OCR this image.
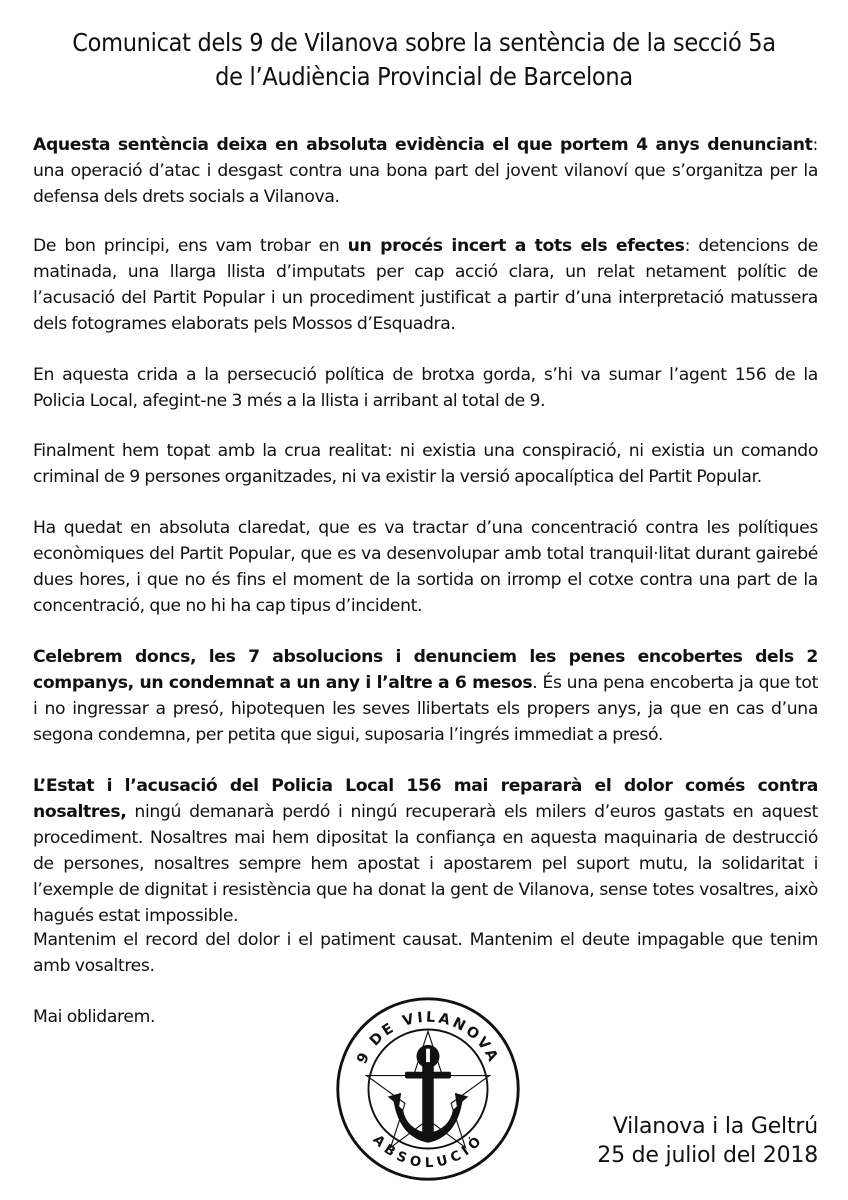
Comunicat dels 9 de Vilanova sobre la sentència de la secció 5a
de l’Audiència Provincial de Barcelona

Aquesta sentència deixa en absoluta evidència el que portem 4 anys denunciant: una operació d’atac i desgast contra una bona part del jovent vilanoví que s’organitza per la defensa dels drets socials a Vilanova.

De bon principi, ens vam trobar en un procés incert a tots els efectes: detencions de matinada, una llarga llista d’imputats per cap acció clara, un relat netament polític de l’acusació del Partit Popular i un procediment justificat a partir d’una interpretació matussera dels fotogrames elaborats pels Mossos d’Esquadra.

En aquesta crida a la persecució política de brotxa gorda, s’hi va sumar l’agent 156 de la Policia Local, afegint-ne 3 més a la llista i arribant al total de 9.

Finalment hem topat amb la crua realitat: ni existia una conspiració, ni existia un comando criminal de 9 persones organitzades, ni va existir la versió apocalíptica del Partit Popular.

Ha quedat en absoluta claredat, que es va tractar d’una concentració contra les polítiques econòmiques del Partit Popular, que es va desenvolupar amb total tranquil·litat durant gairebé dues hores, i que no és fins el moment de la sortida on irromp el cotxe contra una part de la concentració, que no hi ha cap tipus d’incident.

Celebrem doncs, les 7 absolucions i denunciem les penes encobertes dels 2 companys, un condemnat a un any i l’altre a 6 mesos. És una pena encoberta ja que tot i no ingressar a presó, hipotequen les seves llibertats els propers anys, ja que en cas d’una segona condemna, per petita que sigui, suposaria l’ingrés immediat a presó.

L’Estat i l’acusació del Policia Local 156 mai repararà el dolor comés contra nosaltres, ningú demanarà perdó i ningú recuperarà els milers d’euros gastats en aquest procediment. Nosaltres mai hem dipositat la confiança en aquesta maquinaria de destrucció de persones, nosaltres sempre hem apostat i apostarem pel suport mutu, la solidaritat i l’exemple de dignitat i resistència que ha donat la gent de Vilanova, sense totes vosaltres, això hagués estat impossible.

Mantenim el record del dolor i el patiment causat. Mantenim el deute impagable que tenim amb vosaltres.

Mai oblidarem.

9 DE VILANOVA
ABSOLUCIÓ
Vilanova i la Geltrú
25 de juliol del 2018
